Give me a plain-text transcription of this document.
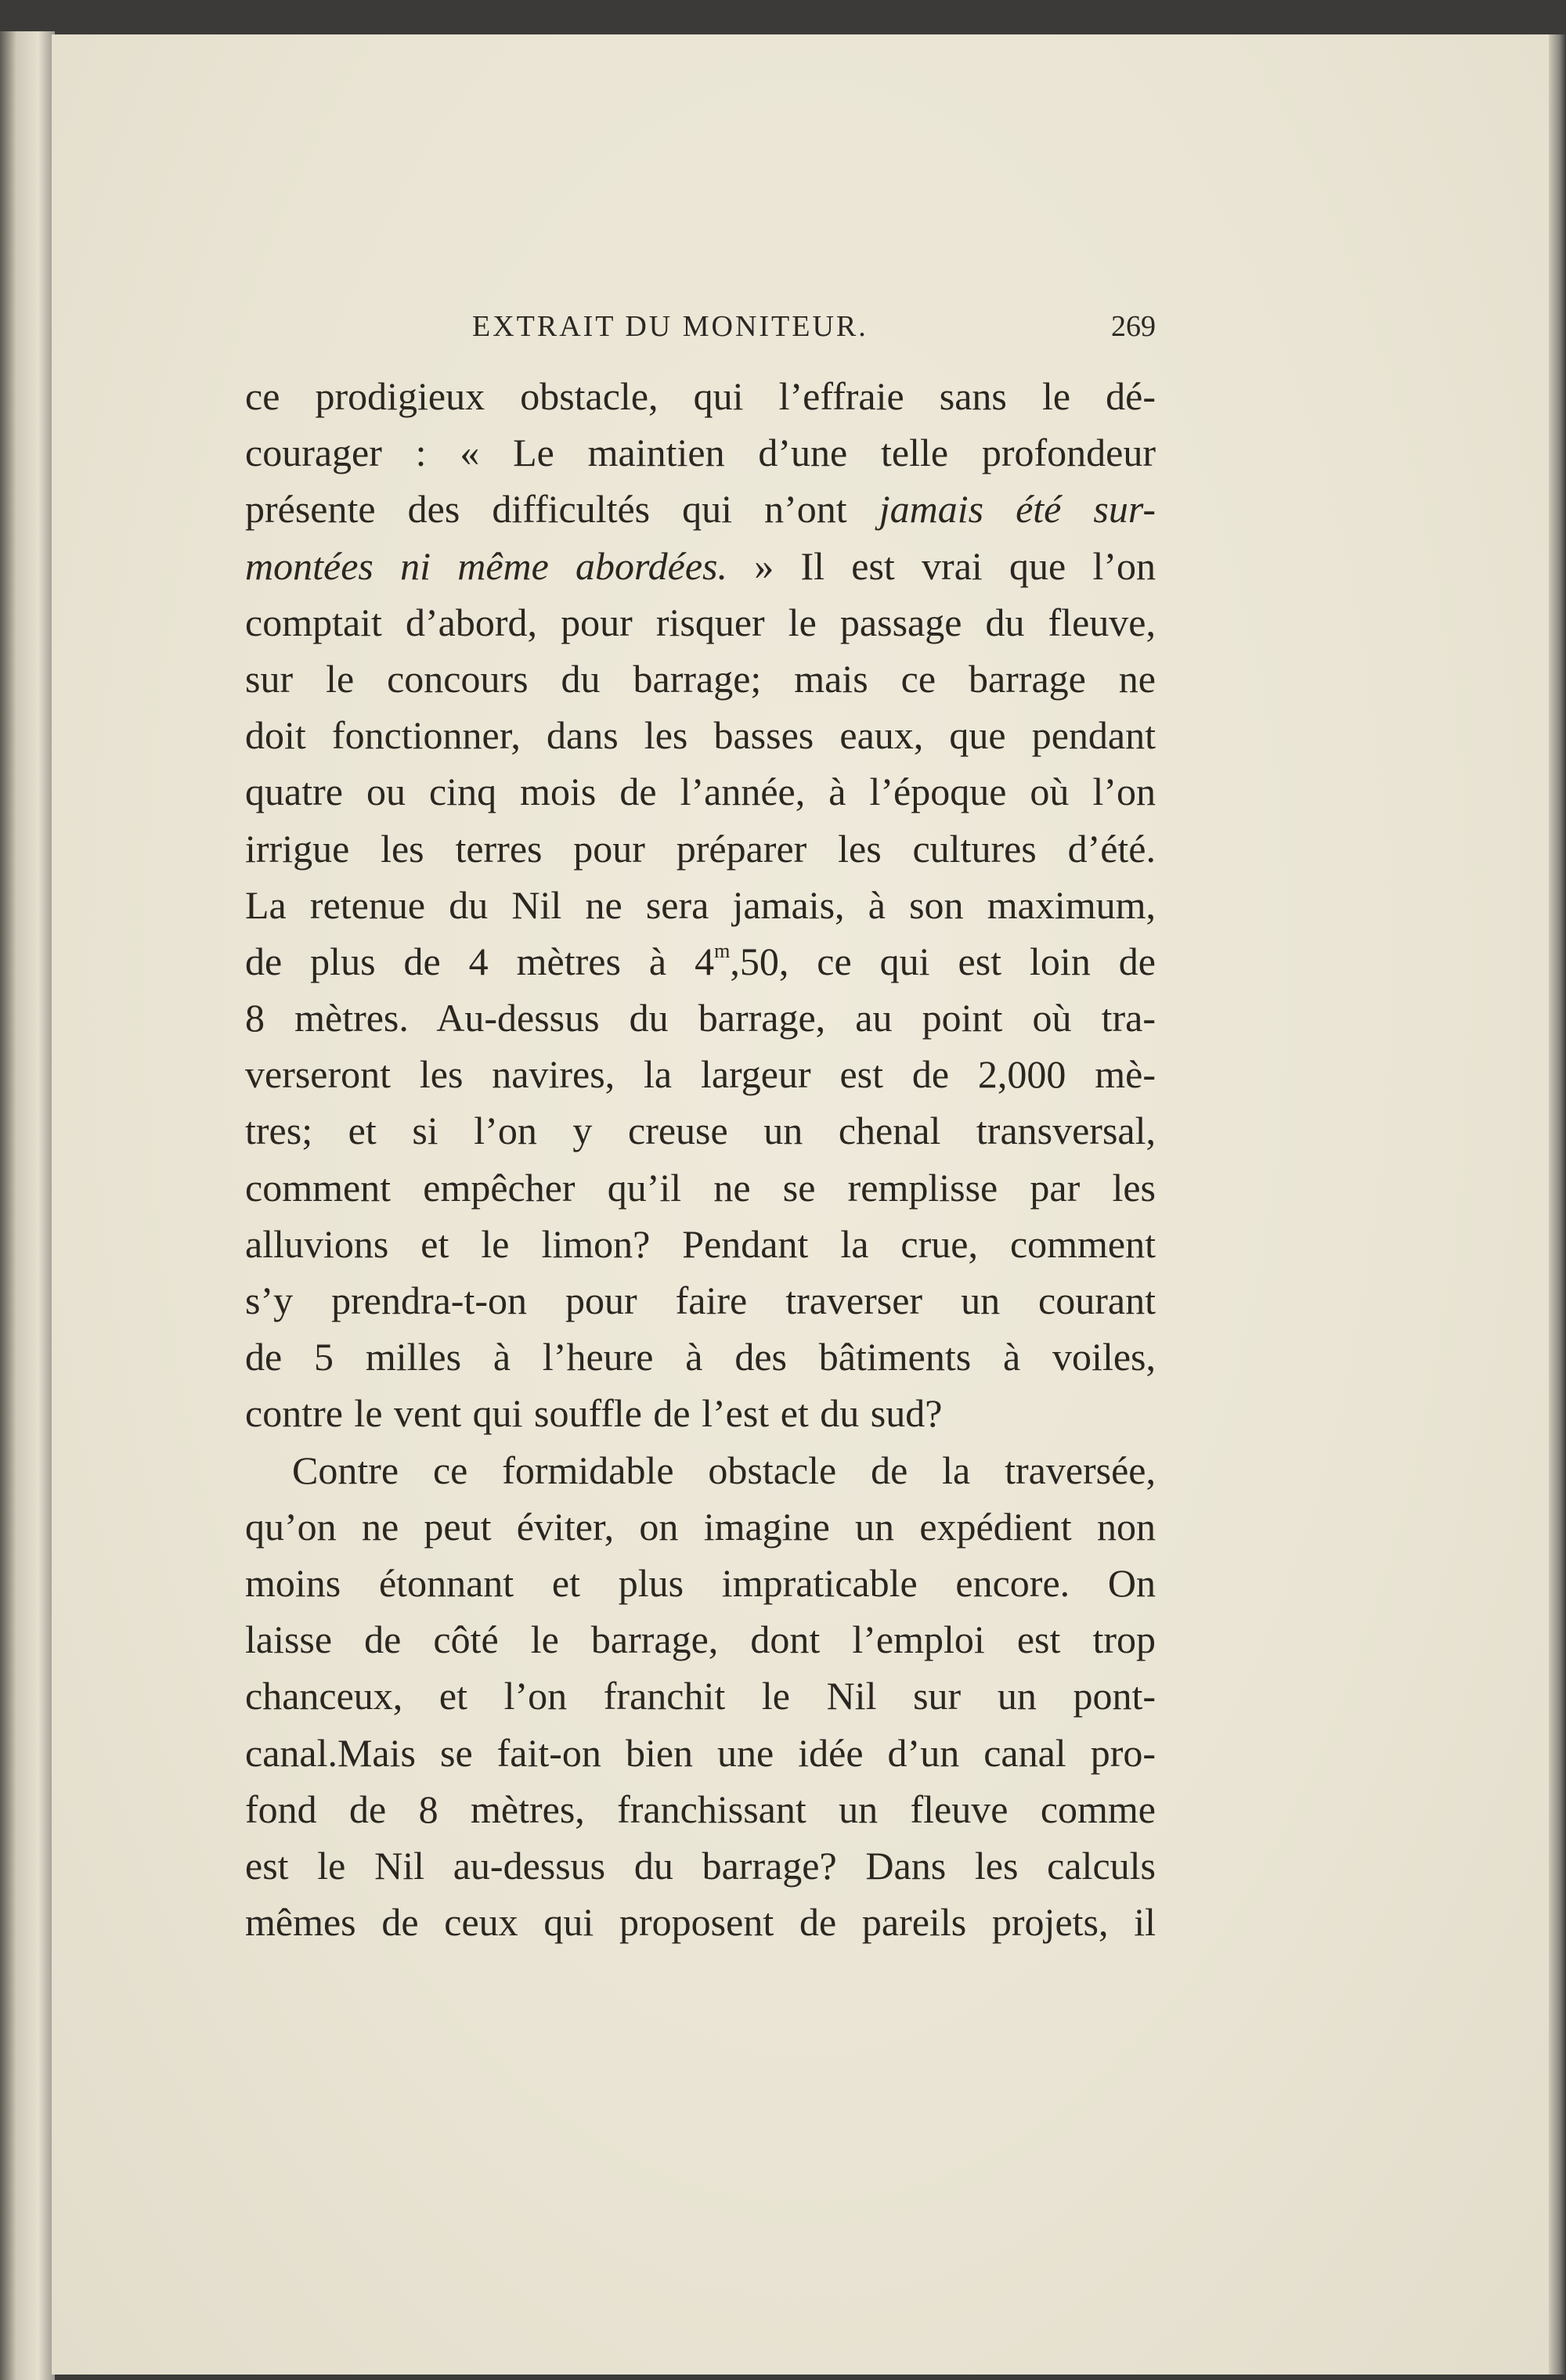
EXTRAIT DU MONITEUR.	269
ce prodigieux obstacle, qui l’effraie sans le dé-
courager : « Le maintien d’une telle profondeur
présente des difficultés qui n’ont jamais été sur-
montées ni même abordées. » Il est vrai que l’on
comptait d’abord, pour risquer le passage du fleuve,
sur le concours du barrage; mais ce barrage ne
doit fonctionner, dans les basses eaux, que pendant
quatre ou cinq mois de l’année, à l’époque où l’on
irrigue les terres pour préparer les cultures d’été.
La retenue du Nil ne sera jamais, à son maximum,
de plus de 4 mètres à 4$^m$,50, ce qui est loin de
8 mètres. Au-dessus du barrage, au point où tra-
verseront les navires, la largeur est de 2,000 mè-
tres; et si l’on y creuse un chenal transversal,
comment empêcher qu’il ne se remplisse par les
alluvions et le limon? Pendant la crue, comment
s’y prendra-t-on pour faire traverser un courant
de 5 milles à l’heure à des bâtiments à voiles,
contre le vent qui souffle de l’est et du sud?
Contre ce formidable obstacle de la traversée,
qu’on ne peut éviter, on imagine un expédient non
moins étonnant et plus impraticable encore. On
laisse de côté le barrage, dont l’emploi est trop
chanceux, et l’on franchit le Nil sur un pont-
canal.Mais se fait-on bien une idée d’un canal pro-
fond de 8 mètres, franchissant un fleuve comme
est le Nil au-dessus du barrage? Dans les calculs
mêmes de ceux qui proposent de pareils projets, il
